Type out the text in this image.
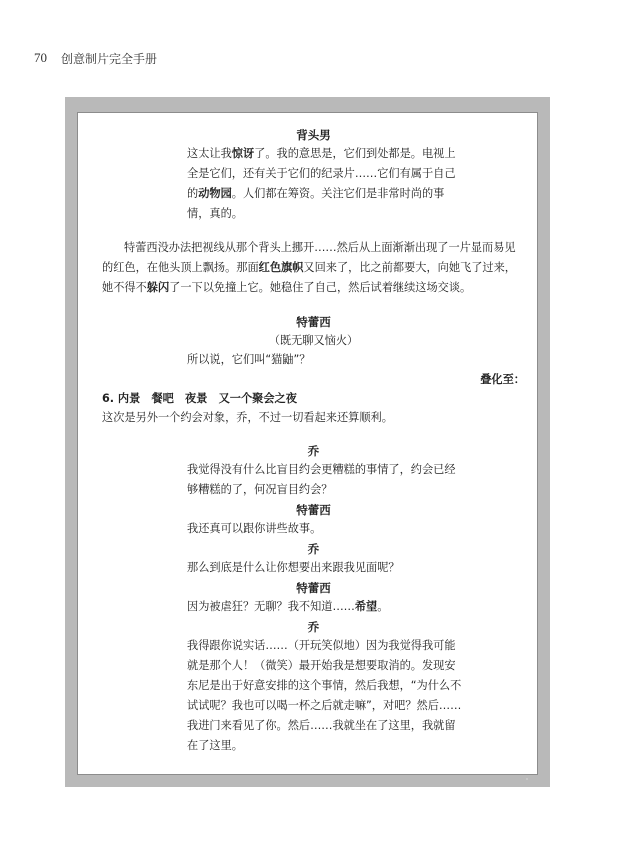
70 创意制片完全手册
背头男
这太让我惊讶了。我的意思是，它们到处都是。电视上全是它们，还有关于它们的纪录片……它们有属于自己的动物园。人们都在筹资。关注它们是非常时尚的事情，真的。
特蕾西没办法把视线从那个背头上挪开……然后从上面渐渐出现了一片显而易见的红色，在他头顶上飘扬。那面红色旗帜又回来了，比之前都要大，向她飞了过来，她不得不躲闪了一下以免撞上它。她稳住了自己，然后试着继续这场交谈。
特蕾西
（既无聊又恼火）
所以说，它们叫“猫鼬”？
叠化至：
6. 内景　餐吧　夜景　又一个聚会之夜
这次是另外一个约会对象，乔，不过一切看起来还算顺利。
乔
我觉得没有什么比盲目约会更糟糕的事情了，约会已经够糟糕的了，何况盲目约会？
特蕾西
我还真可以跟你讲些故事。
乔
那么到底是什么让你想要出来跟我见面呢？
特蕾西
因为被虐狂？无聊？我不知道……希望。
乔
我得跟你说实话……（开玩笑似地）因为我觉得我可能就是那个人！（微笑）最开始我是想要取消的。发现安东尼是出于好意安排的这个事情，然后我想，“为什么不试试呢？我也可以喝一杯之后就走嘛”，对吧？然后……我进门来看见了你。然后……我就坐在了这里，我就留在了这里。
